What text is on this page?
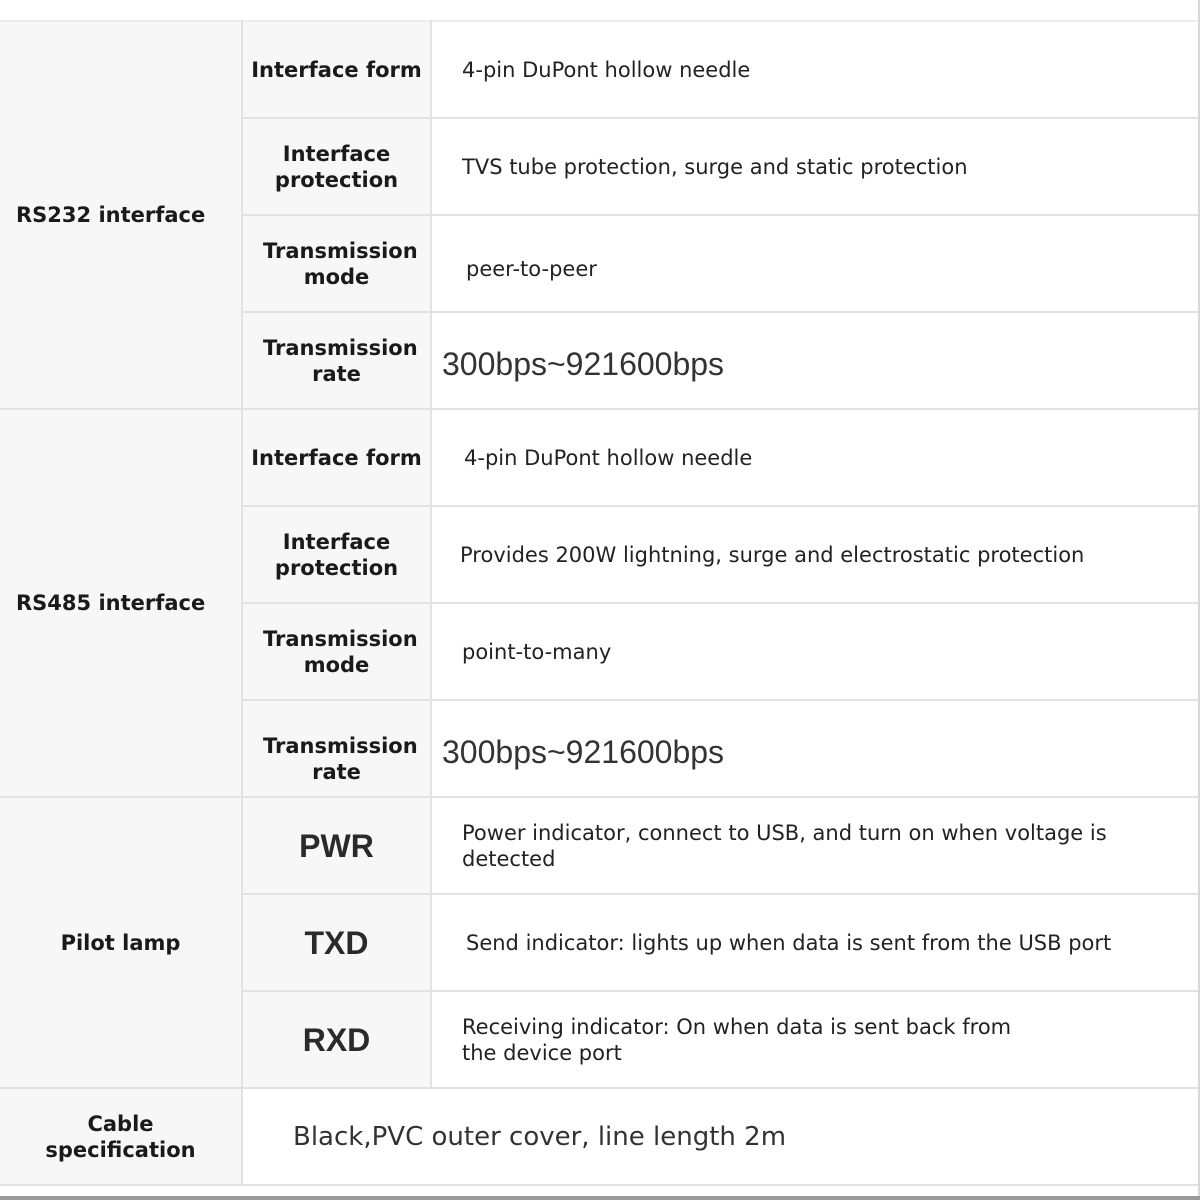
RS232 interface	Interface form	4-pin DuPont hollow needle
	Interface protection	TVS tube protection, surge and static protection
	Transmission mode	peer-to-peer
	Transmission rate	300bps~921600bps
RS485 interface	Interface form	4-pin DuPont hollow needle
	Interface protection	Provides 200W lightning, surge and electrostatic protection
	Transmission mode	point-to-many
	Transmission rate	300bps~921600bps
Pilot lamp	PWR	Power indicator, connect to USB, and turn on when voltage is detected
	TXD	Send indicator: lights up when data is sent from the USB port
	RXD	Receiving indicator: On when data is sent back from the device port
Cable specification	Black,PVC outer cover, line length 2m	
